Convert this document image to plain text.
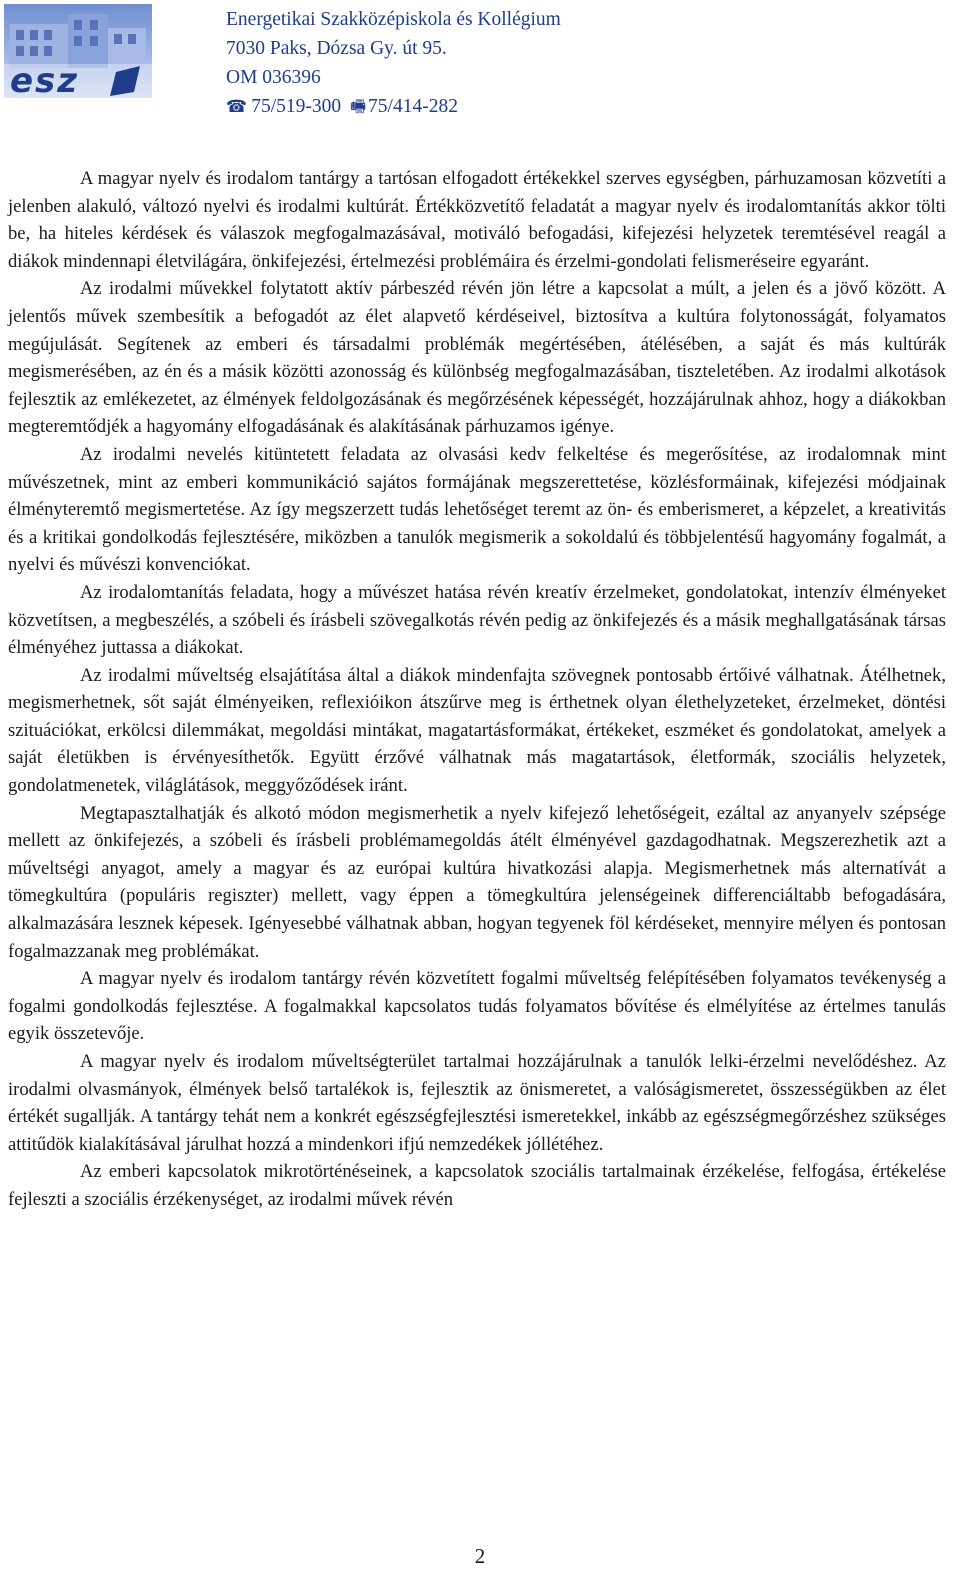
esz
Energetikai Szakközépiskola és Kollégium
7030 Paks, Dózsa Gy. út 95.
OM 036396
☎ 75/519-300 🖷 75/414-282

A magyar nyelv és irodalom tantárgy a tartósan elfogadott értékekkel szerves egységben, párhuzamosan közvetíti a jelenben alakuló, változó nyelvi és irodalmi kultúrát. Értékközvetítő feladatát a magyar nyelv és irodalomtanítás akkor tölti be, ha hiteles kérdések és válaszok megfogalmazásával, motiváló befogadási, kifejezési helyzetek teremtésével reagál a diákok mindennapi életvilágára, önkifejezési, értelmezési problémáira és érzelmi-gondolati felismeréseire egyaránt.

Az irodalmi művekkel folytatott aktív párbeszéd révén jön létre a kapcsolat a múlt, a jelen és a jövő között. A jelentős művek szembesítik a befogadót az élet alapvető kérdéseivel, biztosítva a kultúra folytonosságát, folyamatos megújulását. Segítenek az emberi és társadalmi problémák megértésében, átélésében, a saját és más kultúrák megismerésében, az én és a másik közötti azonosság és különbség megfogalmazásában, tiszteletében. Az irodalmi alkotások fejlesztik az emlékezetet, az élmények feldolgozásának és megőrzésének képességét, hozzájárulnak ahhoz, hogy a diákokban megteremtődjék a hagyomány elfogadásának és alakításának párhuzamos igénye.

Az irodalmi nevelés kitüntetett feladata az olvasási kedv felkeltése és megerősítése, az irodalomnak mint művészetnek, mint az emberi kommunikáció sajátos formájának megszerettetése, közlésformáinak, kifejezési módjainak élményteremtő megismertetése. Az így megszerzett tudás lehetőséget teremt az ön- és emberismeret, a képzelet, a kreativitás és a kritikai gondolkodás fejlesztésére, miközben a tanulók megismerik a sokoldalú és többjelentésű hagyomány fogalmát, a nyelvi és művészi konvenciókat.

Az irodalomtanítás feladata, hogy a művészet hatása révén kreatív érzelmeket, gondolatokat, intenzív élményeket közvetítsen, a megbeszélés, a szóbeli és írásbeli szövegalkotás révén pedig az önkifejezés és a másik meghallgatásának társas élményéhez juttassa a diákokat.

Az irodalmi műveltség elsajátítása által a diákok mindenfajta szövegnek pontosabb értőivé válhatnak. Átélhetnek, megismerhetnek, sőt saját élményeiken, reflexióikon átszűrve meg is érthetnek olyan élethelyzeteket, érzelmeket, döntési szituációkat, erkölcsi dilemmákat, megoldási mintákat, magatartásformákat, értékeket, eszméket és gondolatokat, amelyek a saját életükben is érvényesíthetők. Együtt érzővé válhatnak más magatartások, életformák, szociális helyzetek, gondolatmenetek, világlátások, meggyőződések iránt.

Megtapasztalhatják és alkotó módon megismerhetik a nyelv kifejező lehetőségeit, ezáltal az anyanyelv szépsége mellett az önkifejezés, a szóbeli és írásbeli problémamegoldás átélt élményével gazdagodhatnak. Megszerezhetik azt a műveltségi anyagot, amely a magyar és az európai kultúra hivatkozási alapja. Megismerhetnek más alternatívát a tömegkultúra (populáris regiszter) mellett, vagy éppen a tömegkultúra jelenségeinek differenciáltabb befogadására, alkalmazására lesznek képesek. Igényesebbé válhatnak abban, hogyan tegyenek föl kérdéseket, mennyire mélyen és pontosan fogalmazzanak meg problémákat.

A magyar nyelv és irodalom tantárgy révén közvetített fogalmi műveltség felépítésében folyamatos tevékenység a fogalmi gondolkodás fejlesztése. A fogalmakkal kapcsolatos tudás folyamatos bővítése és elmélyítése az értelmes tanulás egyik összetevője.

A magyar nyelv és irodalom műveltségterület tartalmai hozzájárulnak a tanulók lelki-érzelmi nevelődéshez. Az irodalmi olvasmányok, élmények belső tartalékok is, fejlesztik az önismeretet, a valóságismeretet, összességükben az élet értékét sugallják. A tantárgy tehát nem a konkrét egészségfejlesztési ismeretekkel, inkább az egészségmegőrzéshez szükséges attitűdök kialakításával járulhat hozzá a mindenkori ifjú nemzedékek jóllétéhez.

Az emberi kapcsolatok mikrotörténéseinek, a kapcsolatok szociális tartalmainak érzékelése, felfogása, értékelése fejleszti a szociális érzékenységet, az irodalmi művek révén

2
